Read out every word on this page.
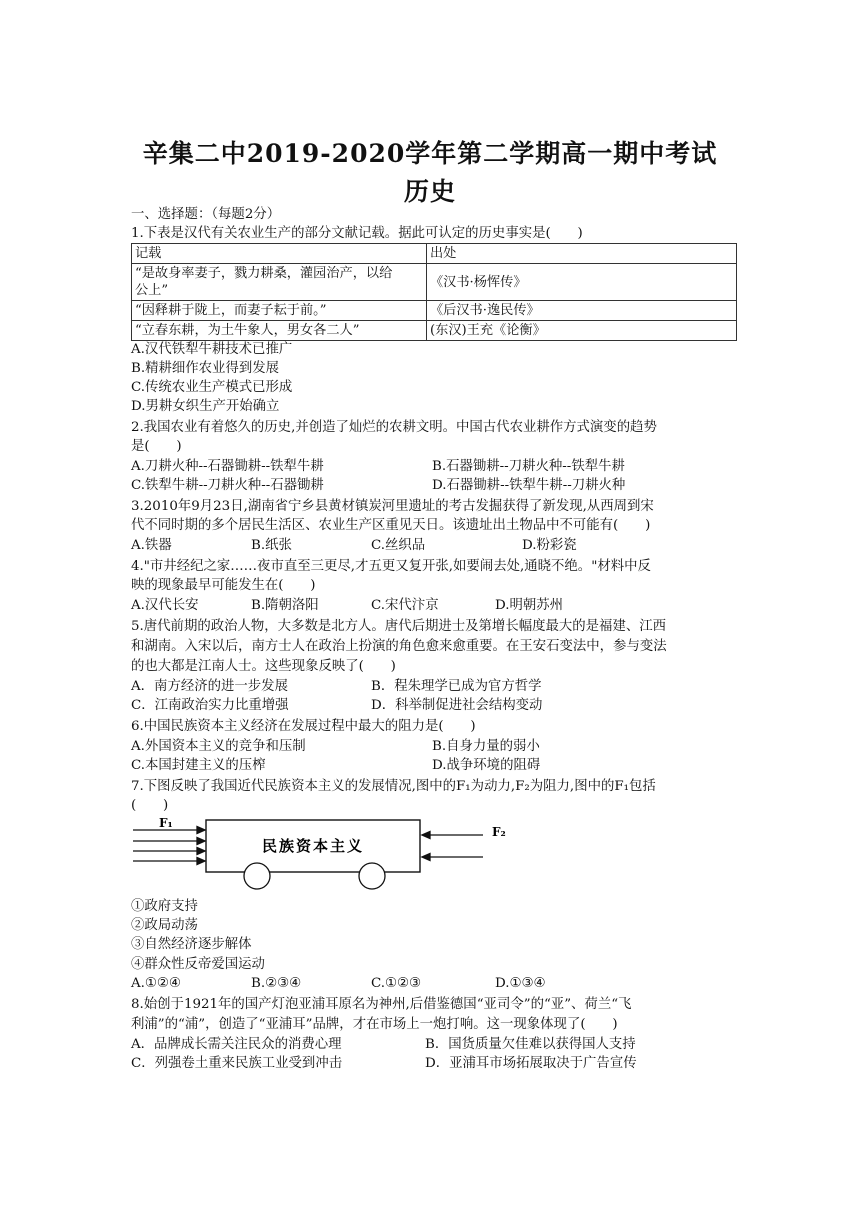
辛集二中2019-2020学年第二学期高一期中考试
历史
一、选择题：（每题2分）
1.下表是汉代有关农业生产的部分文献记载。据此可认定的历史事实是(　　)
记载	出处

“是故身率妻子，戮力耕桑，灌园治产，以给
公上”	《汉书·杨恽传》
“因释耕于陇上，而妻子耘于前。”	《后汉书·逸民传》
“立春东耕，为土牛象人，男女各二人”	(东汉)王充《论衡》
A.汉代铁犁牛耕技术已推广
B.精耕细作农业得到发展
C.传统农业生产模式已形成
D.男耕女织生产开始确立
2.我国农业有着悠久的历史,并创造了灿烂的农耕文明。中国古代农业耕作方式演变的趋势
是(　　)
A.刀耕火种--石器锄耕--铁犁牛耕	B.石器锄耕--刀耕火种--铁犁牛耕
C.铁犁牛耕--刀耕火种--石器锄耕	D.石器锄耕--铁犁牛耕--刀耕火种
3.2010年9月23日,湖南省宁乡县黄材镇炭河里遗址的考古发掘获得了新发现,从西周到宋
代不同时期的多个居民生活区、农业生产区重见天日。该遗址出土物品中不可能有(　　)
A.铁器	B.纸张	C.丝织品	D.粉彩瓷
4."市井经纪之家……夜市直至三更尽,才五更又复开张,如要闹去处,通晓不绝。"材料中反
映的现象最早可能发生在(　　)
A.汉代长安	B.隋朝洛阳	C.宋代汴京	D.明朝苏州
5.唐代前期的政治人物，大多数是北方人。唐代后期进士及第增长幅度最大的是福建、江西
和湖南。入宋以后，南方士人在政治上扮演的角色愈来愈重要。在王安石变法中，参与变法
的也大都是江南人士。这些现象反映了(　　)
A．南方经济的进一步发展	B．程朱理学已成为官方哲学
C．江南政治实力比重增强	D．科举制促进社会结构变动
6.中国民族资本主义经济在发展过程中最大的阻力是(　　)
A.外国资本主义的竞争和压制	B.自身力量的弱小
C.本国封建主义的压榨	D.战争环境的阻碍
7.下图反映了我国近代民族资本主义的发展情况,图中的F₁为动力,F₂为阻力,图中的F₁包括
(　　)
F₁
民族资本主义
F₂
①政府支持
②政局动荡
③自然经济逐步解体
④群众性反帝爱国运动
A.①②④	B.②③④	C.①②③	D.①③④
8.始创于1921年的国产灯泡亚浦耳原名为神州,后借鉴德国“亚司令”的“亚”、荷兰“飞
利浦”的“浦”，创造了“亚浦耳”品牌，才在市场上一炮打响。这一现象体现了(　　)
A．品牌成长需关注民众的消费心理	B．国货质量欠佳难以获得国人支持
C．列强卷土重来民族工业受到冲击	D．亚浦耳市场拓展取决于广告宣传
